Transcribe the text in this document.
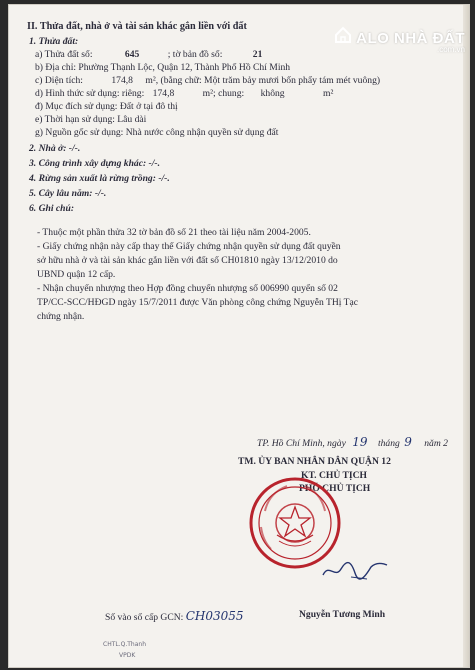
II. Thửa đất, nhà ở và tài sản khác gắn liền với đất
1. Thửa đất:
a) Thửa đất số:	645	; tờ bản đồ số:	21
b) Địa chỉ: Phường Thạnh Lộc, Quận 12, Thành Phố Hồ Chí Minh
c) Diện tích:	174,8 m², (bằng chữ: Một trăm bảy mươi bốn phẩy tám mét vuông)
d) Hình thức sử dụng: riêng: 174,8	m²; chung: không	m²
đ) Mục đích sử dụng: Đất ở tại đô thị
e) Thời hạn sử dụng: Lâu dài
g) Nguồn gốc sử dụng: Nhà nước công nhận quyền sử dụng đất
2. Nhà ở: -/-.
3. Công trình xây dựng khác: -/-.
4. Rừng sản xuất là rừng trồng: -/-.
5. Cây lâu năm: -/-.
6. Ghi chú:
- Thuộc một phần thửa 32 tờ bản đồ số 21 theo tài liệu năm 2004-2005.
- Giấy chứng nhận này cấp thay thế Giấy chứng nhận quyền sử dụng đất quyền
sở hữu nhà ở và tài sản khác gắn liền với đất số CH01810 ngày 13/12/2010 do
UBND quận 12 cấp.
- Nhận chuyển nhượng theo Hợp đồng chuyển nhượng số 006990 quyển số 02
TP/CC-SCC/HĐGD ngày 15/7/2011 được Văn phòng công chứng Nguyễn THị Tạc
chứng nhận.
TP. Hồ Chí Minh, ngày 19 tháng 9 năm 2
TM. ỦY BAN NHÂN DÂN QUẬN 12
KT. CHỦ TỊCH
PHÓ CHỦ TỊCH
Nguyễn Tương Minh
Số vào sổ cấp GCN: CH03055
CHTL.Q.Thanh
VPDK
ALO NHÀ ĐẤT
.com.vn
